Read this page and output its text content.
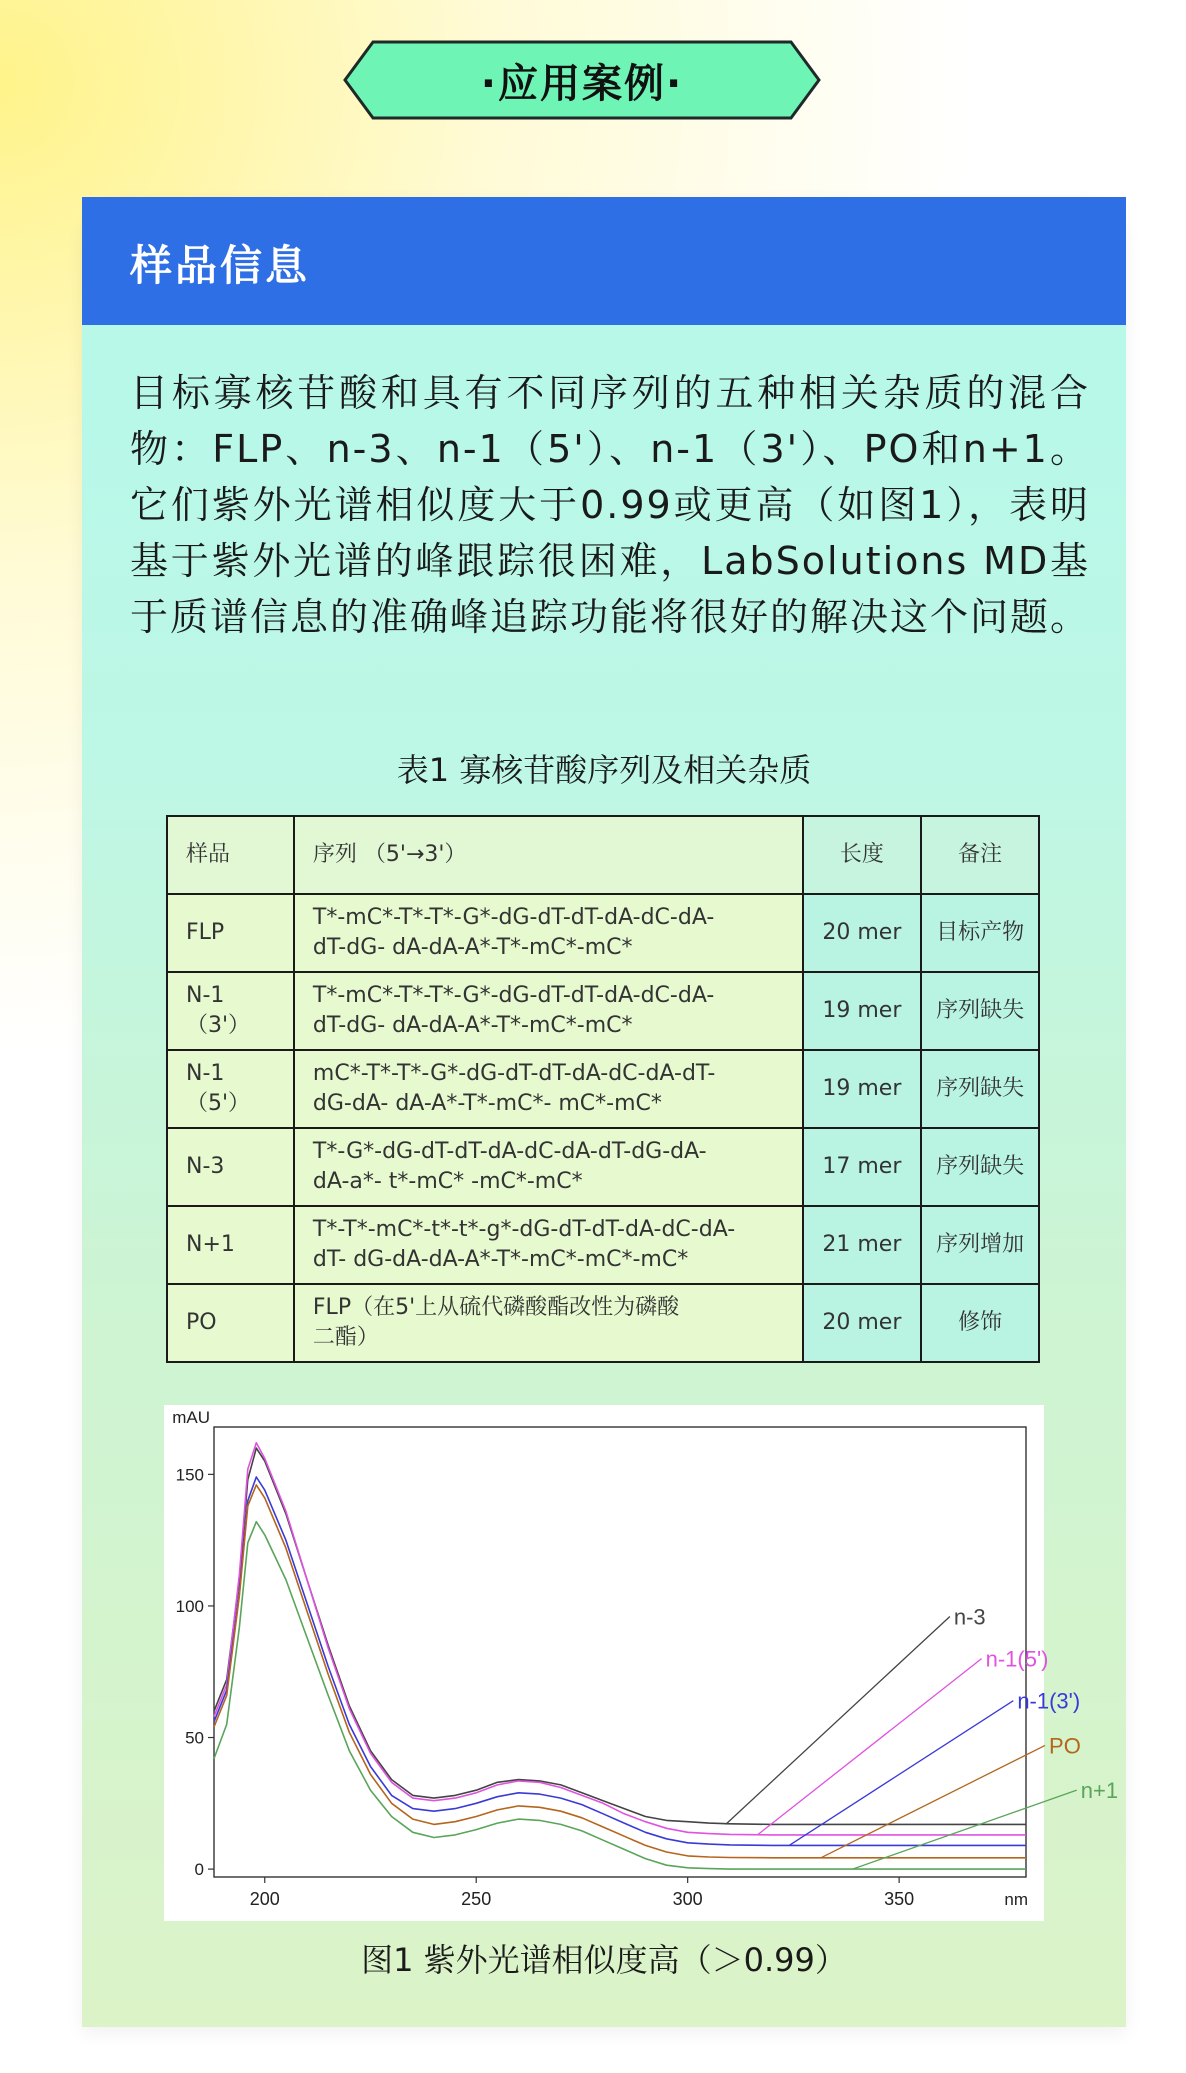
·应用案例·
样品信息

目标寡核苷酸和具有不同序列的五种相关杂质的混合物：FLP、n-3、n-1（5'）、n-1（3'）、PO和n+1。它们紫外光谱相似度大于0.99或更高（如图1），表明基于紫外光谱的峰跟踪很困难，LabSolutions MD基于质谱信息的准确峰追踪功能将很好的解决这个问题。

表1 寡核苷酸序列及相关杂质
样品	序列 （5'→3'）	长度	备注
FLP	T*-mC*-T*-T*-G*-dG-dT-dT-dA-dC-dA-
dT-dG- dA-dA-A*-T*-mC*-mC*	20 mer	目标产物
N-1（3'）	T*-mC*-T*-T*-G*-dG-dT-dT-dA-dC-dA-
dT-dG- dA-dA-A*-T*-mC*-mC*	19 mer	序列缺失
N-1（5'）	mC*-T*-T*-G*-dG-dT-dT-dA-dC-dA-dT-
dG-dA- dA-A*-T*-mC*- mC*-mC*	19 mer	序列缺失
N-3	T*-G*-dG-dT-dT-dA-dC-dA-dT-dG-dA-
dA-a*- t*-mC* -mC*-mC*	17 mer	序列缺失
N+1	T*-T*-mC*-t*-t*-g*-dG-dT-dT-dA-dC-dA-
dT- dG-dA-dA-A*-T*-mC*-mC*-mC*	21 mer	序列增加
PO	FLP（在5'上从硫代磷酸酯改性为磷酸
二酯）	20 mer	修饰
0
50
100
150
200	250	300	350
mAU
nm
n-3
n-1(5')
n-1(3')
PO
n+1
图1 紫外光谱相似度高（＞0.99）
